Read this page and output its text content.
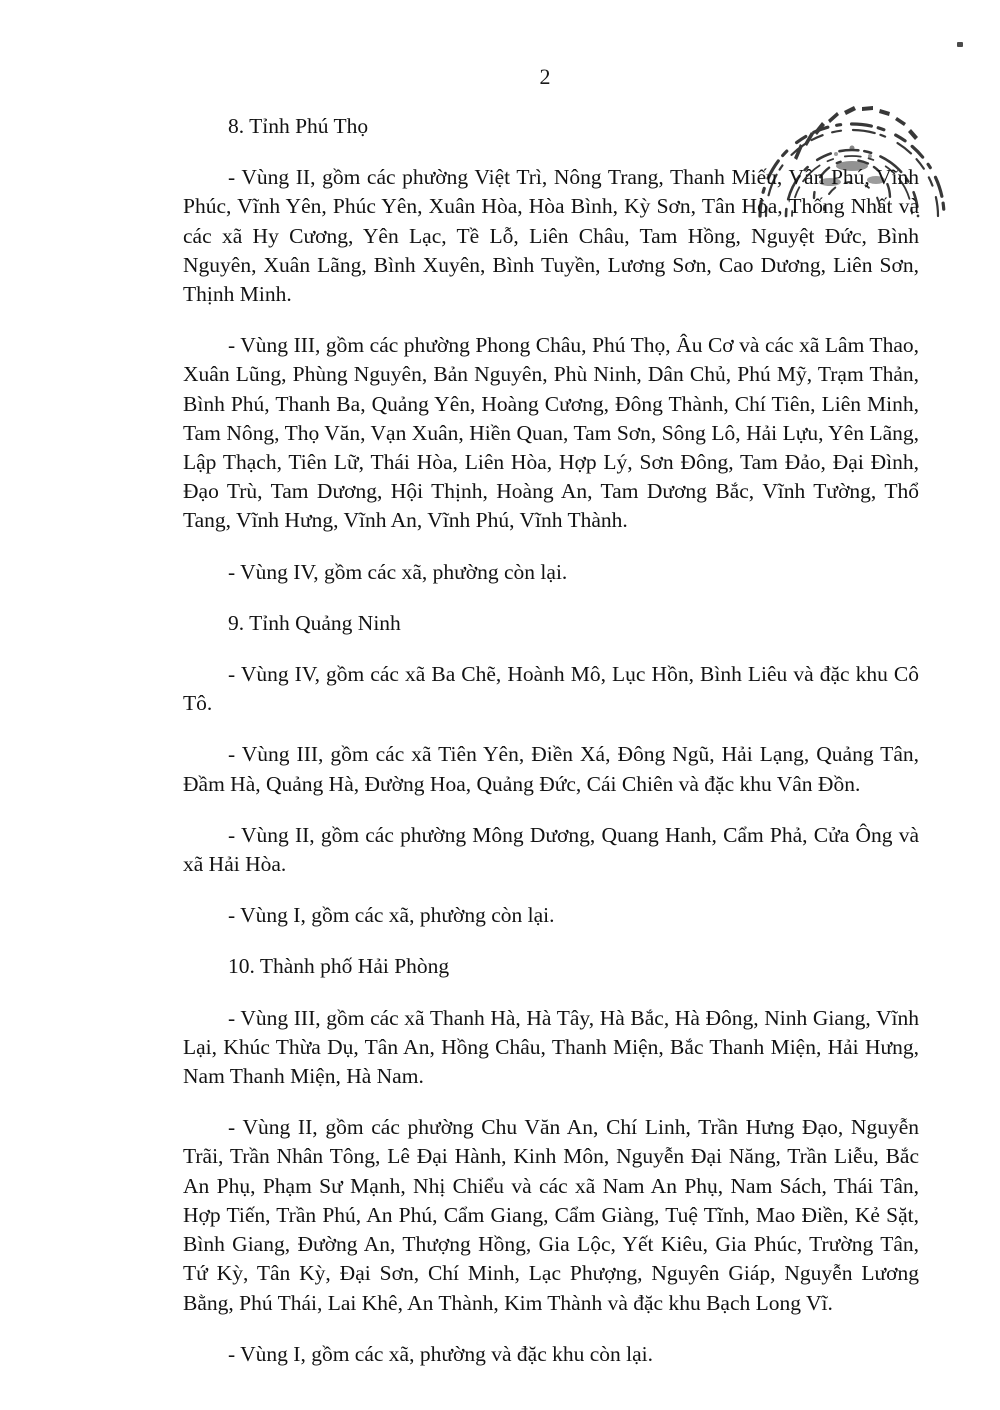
2

8. Tỉnh Phú Thọ

- Vùng II, gồm các phường Việt Trì, Nông Trang, Thanh Miếu, Vân Phú, Vĩnh Phúc, Vĩnh Yên, Phúc Yên, Xuân Hòa, Hòa Bình, Kỳ Sơn, Tân Hòa, Thống Nhất và các xã Hy Cương, Yên Lạc, Tề Lỗ, Liên Châu, Tam Hồng, Nguyệt Đức, Bình Nguyên, Xuân Lãng, Bình Xuyên, Bình Tuyền, Lương Sơn, Cao Dương, Liên Sơn, Thịnh Minh.

- Vùng III, gồm các phường Phong Châu, Phú Thọ, Âu Cơ và các xã Lâm Thao, Xuân Lũng, Phùng Nguyên, Bản Nguyên, Phù Ninh, Dân Chủ, Phú Mỹ, Trạm Thản, Bình Phú, Thanh Ba, Quảng Yên, Hoàng Cương, Đông Thành, Chí Tiên, Liên Minh, Tam Nông, Thọ Văn, Vạn Xuân, Hiền Quan, Tam Sơn, Sông Lô, Hải Lựu, Yên Lãng, Lập Thạch, Tiên Lữ, Thái Hòa, Liên Hòa, Hợp Lý, Sơn Đông, Tam Đảo, Đại Đình, Đạo Trù, Tam Dương, Hội Thịnh, Hoàng An, Tam Dương Bắc, Vĩnh Tường, Thổ Tang, Vĩnh Hưng, Vĩnh An, Vĩnh Phú, Vĩnh Thành.

- Vùng IV, gồm các xã, phường còn lại.

9. Tỉnh Quảng Ninh

- Vùng IV, gồm các xã Ba Chẽ, Hoành Mô, Lục Hồn, Bình Liêu và đặc khu Cô Tô.

- Vùng III, gồm các xã Tiên Yên, Điền Xá, Đông Ngũ, Hải Lạng, Quảng Tân, Đầm Hà, Quảng Hà, Đường Hoa, Quảng Đức, Cái Chiên và đặc khu Vân Đồn.

- Vùng II, gồm các phường Mông Dương, Quang Hanh, Cẩm Phả, Cửa Ông và xã Hải Hòa.

- Vùng I, gồm các xã, phường còn lại.

10. Thành phố Hải Phòng

- Vùng III, gồm các xã Thanh Hà, Hà Tây, Hà Bắc, Hà Đông, Ninh Giang, Vĩnh Lại, Khúc Thừa Dụ, Tân An, Hồng Châu, Thanh Miện, Bắc Thanh Miện, Hải Hưng, Nam Thanh Miện, Hà Nam.

- Vùng II, gồm các phường Chu Văn An, Chí Linh, Trần Hưng Đạo, Nguyễn Trãi, Trần Nhân Tông, Lê Đại Hành, Kinh Môn, Nguyễn Đại Năng, Trần Liễu, Bắc An Phụ, Phạm Sư Mạnh, Nhị Chiểu và các xã Nam An Phụ, Nam Sách, Thái Tân, Hợp Tiến, Trần Phú, An Phú, Cẩm Giang, Cẩm Giàng, Tuệ Tĩnh, Mao Điền, Kẻ Sặt, Bình Giang, Đường An, Thượng Hồng, Gia Lộc, Yết Kiêu, Gia Phúc, Trường Tân, Tứ Kỳ, Tân Kỳ, Đại Sơn, Chí Minh, Lạc Phượng, Nguyên Giáp, Nguyễn Lương Bằng, Phú Thái, Lai Khê, An Thành, Kim Thành và đặc khu Bạch Long Vĩ.

- Vùng I, gồm các xã, phường và đặc khu còn lại.
